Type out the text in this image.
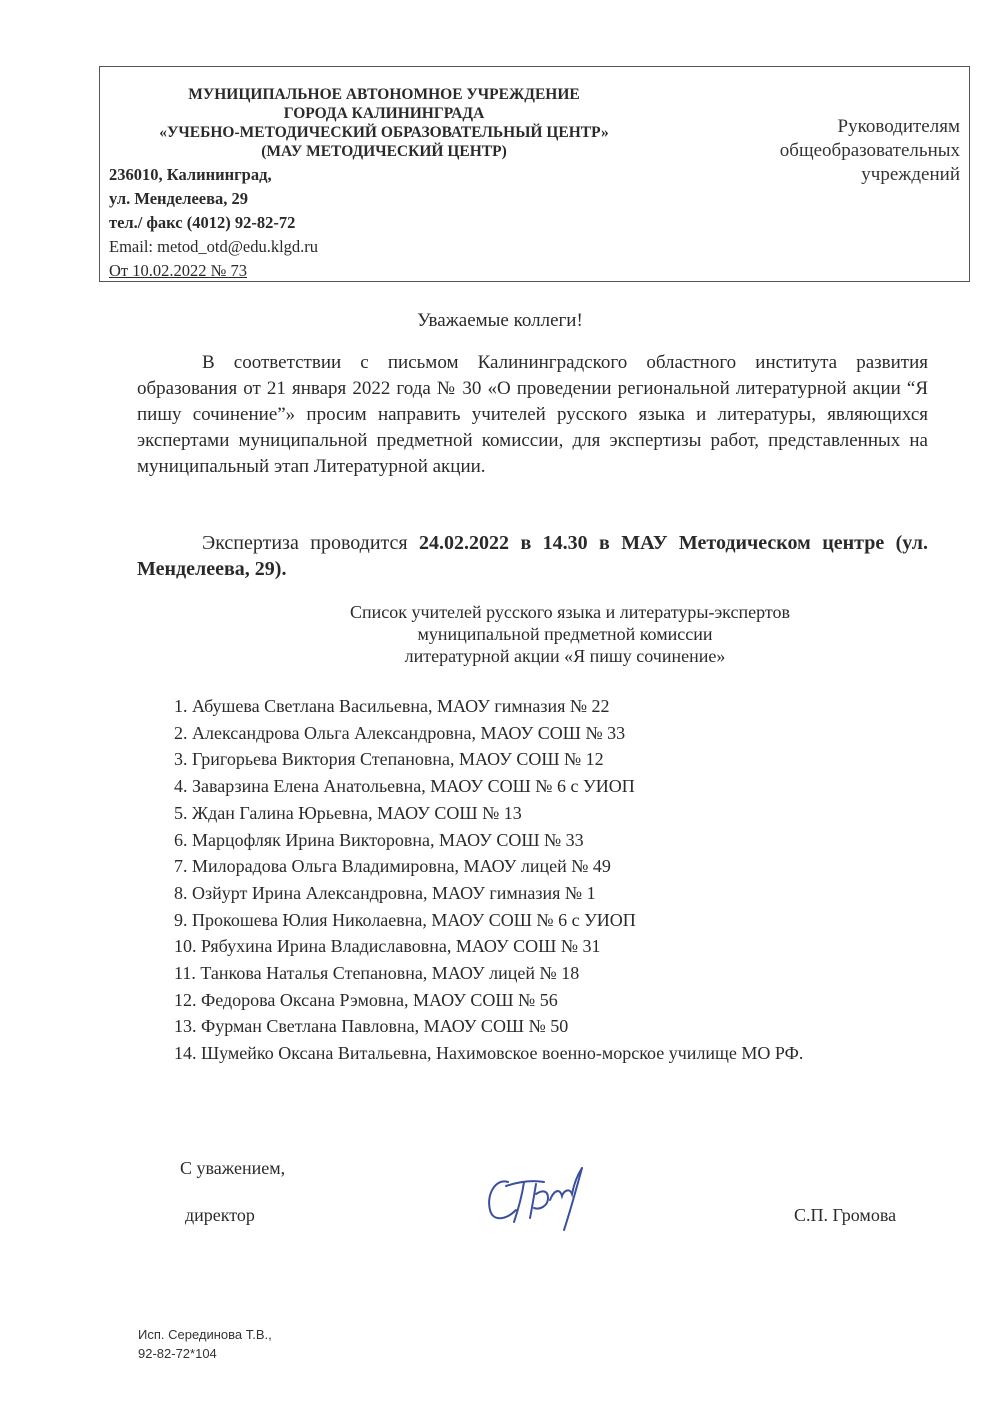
МУНИЦИПАЛЬНОЕ АВТОНОМНОЕ УЧРЕЖДЕНИЕ
ГОРОДА КАЛИНИНГРАДА
«УЧЕБНО-МЕТОДИЧЕСКИЙ ОБРАЗОВАТЕЛЬНЫЙ ЦЕНТР»
(МАУ МЕТОДИЧЕСКИЙ ЦЕНТР)
236010, Калининград,
ул. Менделеева, 29
тел./ факс (4012) 92-82-72
Email: metod_otd@edu.klgd.ru
От 10.02.2022 № 73
Руководителям
общеобразовательных
учреждений
Уважаемые коллеги!
В соответствии с письмом Калининградского областного института развития образования от 21 января 2022 года № 30 «О проведении региональной литературной акции “Я пишу сочинение”» просим направить учителей русского языка и литературы, являющихся экспертами муниципальной предметной комиссии, для экспертизы работ, представленных на муниципальный этап Литературной акции.
Экспертиза проводится 24.02.2022 в 14.30 в МАУ Методическом центре (ул. Менделеева, 29).
Список учителей русского языка и литературы-экспертов
муниципальной предметной комиссии
литературной акции «Я пишу сочинение»
1. Абушева Светлана Васильевна, МАОУ гимназия № 22
2. Александрова Ольга Александровна, МАОУ СОШ № 33
3. Григорьева Виктория Степановна, МАОУ СОШ № 12
4. Заварзина Елена Анатольевна, МАОУ СОШ № 6 с УИОП
5. Ждан Галина Юрьевна, МАОУ СОШ № 13
6. Марцофляк Ирина Викторовна, МАОУ СОШ № 33
7. Милорадова Ольга Владимировна, МАОУ лицей № 49
8. Озйурт Ирина Александровна, МАОУ гимназия № 1
9. Прокошева Юлия Николаевна, МАОУ СОШ № 6 с УИОП
10. Рябухина Ирина Владиславовна, МАОУ СОШ № 31
11. Танкова Наталья Степановна, МАОУ лицей № 18
12. Федорова Оксана Рэмовна, МАОУ СОШ № 56
13. Фурман Светлана Павловна, МАОУ СОШ № 50
14. Шумейко Оксана Витальевна, Нахимовское военно-морское училище МО РФ.
С уважением,
директор	С.П. Громова
Исп. Серединова Т.В.,
92-82-72*104
